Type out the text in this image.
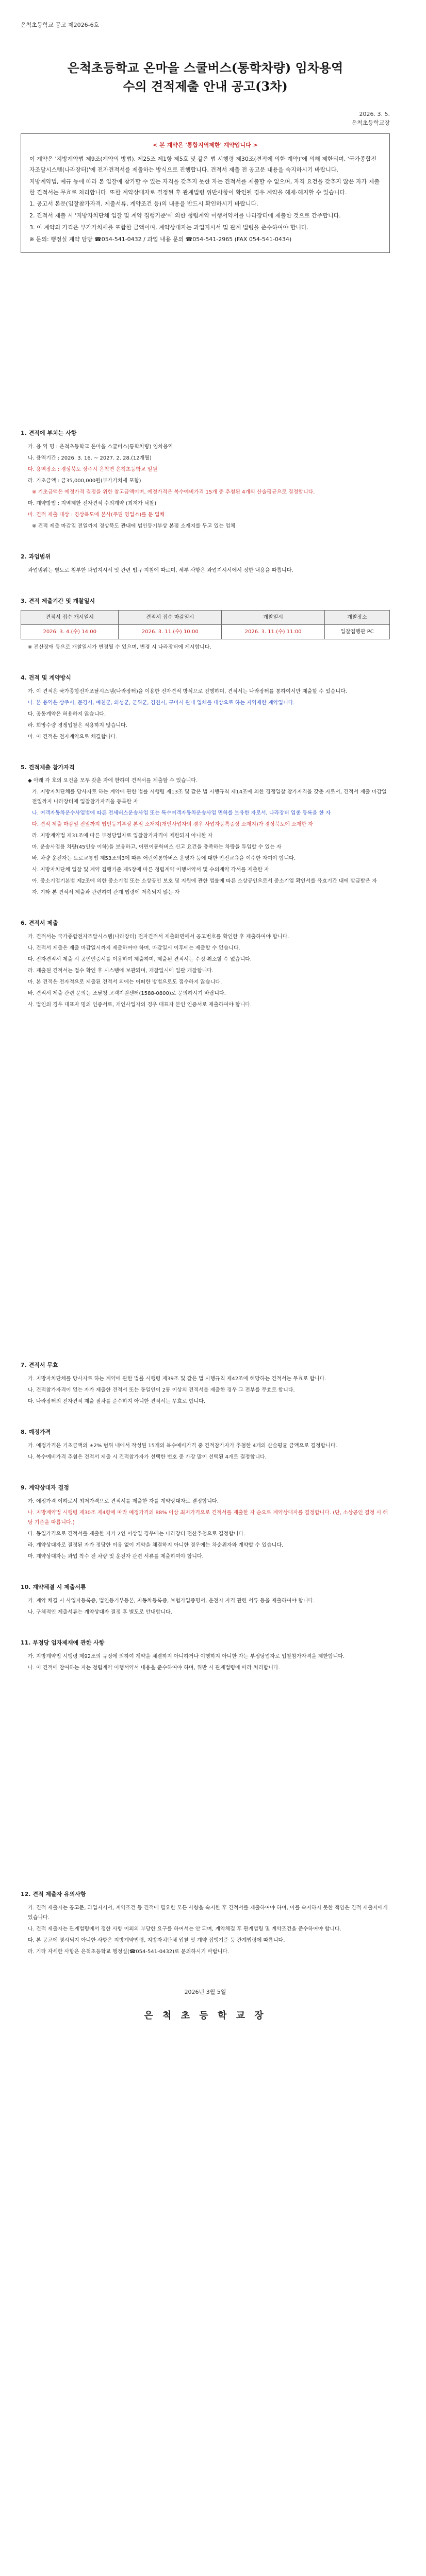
은척초등학교 공고 제2026-6호
은척초등학교 온마을 스쿨버스(통학차량) 임차용역
수의 견적제출 안내 공고(3차)
2026. 3. 5.
은척초등학교장
< 본 계약은 '통합지역제한' 계약입니다 >

이 계약은 '지방계약법 제9조(계약의 방법), 제25조 제1항 제5호 및 같은 법 시행령 제30조(견적에 의한 계약)'에 의해 제한되며, '국가종합전자조달시스템(나라장터)'에 전자견적서를 제출하는 방식으로 진행합니다. 견적서 제출 전 공고문 내용을 숙지하시기 바랍니다.

지방계약법, 예규 등에 따라 본 입찰에 참가할 수 있는 자격을 갖추지 못한 자는 견적서를 제출할 수 없으며, 자격 요건을 갖추지 않은 자가 제출한 견적서는 무효로 처리합니다. 또한 계약상대자로 결정된 후 관계법령 위반사항이 확인될 경우 계약을 해제·해지할 수 있습니다.

1. 공고서 본문(입찰참가자격, 제출서류, 계약조건 등)의 내용을 반드시 확인하시기 바랍니다.

2. 견적서 제출 시 '지방자치단체 입찰 및 계약 집행기준'에 의한 청렴계약 이행서약서를 나라장터에 제출한 것으로 간주합니다.

3. 이 계약의 가격은 부가가치세를 포함한 금액이며, 계약상대자는 과업지시서 및 관계 법령을 준수하여야 합니다.

※ 문의: 행정실 계약 담당 ☎054-541-0432 / 과업 내용 문의 ☎054-541-2965 (FAX 054-541-0434)

1. 견적에 부치는 사항

가. 용 역 명 : 은척초등학교 온마을 스쿨버스(통학차량) 임차용역

나. 용역기간 : 2026. 3. 16. ~ 2027. 2. 28.(12개월)

다. 용역장소 : 경상북도 상주시 은척면 은척초등학교 일원

라. 기초금액 : 금35,000,000원(부가가치세 포함)

※ 기초금액은 예정가격 결정을 위한 참고금액이며, 예정가격은 복수예비가격 15개 중 추첨된 4개의 산술평균으로 결정합니다.

마. 계약방법 : 지역제한 전자견적 수의계약 (최저가 낙찰)

바. 견적 제출 대상 : 경상북도에 본사(주된 영업소)를 둔 업체

※ 견적 제출 마감일 전일까지 경상북도 관내에 법인등기부상 본점 소재지를 두고 있는 업체

2. 과업범위

과업범위는 별도로 첨부한 과업지시서 및 관련 법규·지침에 따르며, 세부 사항은 과업지시서에서 정한 내용을 따릅니다.

3. 견적 제출기간 및 개찰일시
견적서 접수 개시일시	견적서 접수 마감일시	개찰일시	개찰장소
2026. 3. 4.(수) 14:00	2026. 3. 11.(수) 10:00	2026. 3. 11.(수) 11:00	입찰집행관 PC

※ 전산장애 등으로 개찰일시가 변경될 수 있으며, 변경 시 나라장터에 게시합니다.

4. 견적 및 계약방식

가. 이 견적은 국가종합전자조달시스템(나라장터)을 이용한 전자견적 방식으로 진행하며, 견적서는 나라장터를 통하여서만 제출할 수 있습니다.

나. 본 용역은 상주시, 문경시, 예천군, 의성군, 군위군, 김천시, 구미시 관내 업체를 대상으로 하는 지역제한 계약입니다.

다. 공동계약은 허용하지 않습니다.

라. 희망수량 경쟁입찰은 적용하지 않습니다.

마. 이 견적은 전자계약으로 체결합니다.

5. 견적제출 참가자격

◆ 아래 각 호의 요건을 모두 갖춘 자에 한하여 견적서를 제출할 수 있습니다.

가. 지방자치단체를 당사자로 하는 계약에 관한 법률 시행령 제13조 및 같은 법 시행규칙 제14조에 의한 경쟁입찰 참가자격을 갖춘 자로서, 견적서 제출 마감일 전일까지 나라장터에 입찰참가자격을 등록한 자

나. 여객자동차운수사업법에 따른 전세버스운송사업 또는 특수여객자동차운송사업 면허를 보유한 자로서, 나라장터 업종 등록을 한 자

다. 견적 제출 마감일 전일까지 법인등기부상 본점 소재지(개인사업자의 경우 사업자등록증상 소재지)가 경상북도에 소재한 자

라. 지방계약법 제31조에 따른 부정당업자로 입찰참가자격이 제한되지 아니한 자

마. 운송사업용 차량(45인승 이하)을 보유하고, 어린이통학버스 신고 요건을 충족하는 차량을 투입할 수 있는 자

바. 차량 운전자는 도로교통법 제53조의3에 따른 어린이통학버스 운영자 등에 대한 안전교육을 이수한 자여야 합니다.

사. 지방자치단체 입찰 및 계약 집행기준 제5장에 따른 청렴계약 이행서약서 및 수의계약 각서를 제출한 자

아. 중소기업기본법 제2조에 의한 중소기업 또는 소상공인 보호 및 지원에 관한 법률에 따른 소상공인으로서 중소기업 확인서를 유효기간 내에 발급받은 자

자. 기타 본 견적서 제출과 관련하여 관계 법령에 저촉되지 않는 자

6. 견적서 제출

가. 견적서는 국가종합전자조달시스템(나라장터) 전자견적서 제출화면에서 공고번호를 확인한 후 제출하여야 합니다.

나. 견적서 제출은 제출 마감일시까지 제출하여야 하며, 마감일시 이후에는 제출할 수 없습니다.

다. 전자견적서 제출 시 공인인증서를 이용하여 제출하며, 제출된 견적서는 수정·취소할 수 없습니다.

라. 제출된 견적서는 접수 확인 후 시스템에 보관되며, 개찰일시에 일괄 개찰합니다.

마. 본 견적은 전자적으로 제출된 견적서 외에는 어떠한 방법으로도 접수하지 않습니다.

바. 견적서 제출 관련 문의는 조달청 고객지원센터(1588-0800)로 문의하시기 바랍니다.

사. 법인의 경우 대표자 명의 인증서로, 개인사업자의 경우 대표자 본인 인증서로 제출하여야 합니다.

7. 견적서 무효

가. 지방자치단체를 당사자로 하는 계약에 관한 법률 시행령 제39조 및 같은 법 시행규칙 제42조에 해당하는 견적서는 무효로 합니다.

나. 견적참가자격이 없는 자가 제출한 견적서 또는 동일인이 2통 이상의 견적서를 제출한 경우 그 전부를 무효로 합니다.

다. 나라장터의 전자견적 제출 절차를 준수하지 아니한 견적서는 무효로 합니다.

8. 예정가격

가. 예정가격은 기초금액의 ±2% 범위 내에서 작성된 15개의 복수예비가격 중 견적참가자가 추첨한 4개의 산술평균 금액으로 결정합니다.

나. 복수예비가격 추첨은 견적서 제출 시 견적참가자가 선택한 번호 중 가장 많이 선택된 4개로 결정합니다.

9. 계약상대자 결정

가. 예정가격 이하로서 최저가격으로 견적서를 제출한 자를 계약상대자로 결정합니다.

나. 지방계약법 시행령 제30조 제4항에 따라 예정가격의 88% 이상 최저가격으로 견적서를 제출한 자 순으로 계약상대자를 결정합니다. (단, 소상공인 결정 시 해당 기준을 따릅니다.)

다. 동일가격으로 견적서를 제출한 자가 2인 이상일 경우에는 나라장터 전산추첨으로 결정합니다.

라. 계약상대자로 결정된 자가 정당한 이유 없이 계약을 체결하지 아니한 경우에는 차순위자와 계약할 수 있습니다.

마. 계약상대자는 과업 착수 전 차량 및 운전자 관련 서류를 제출하여야 합니다.

10. 계약체결 시 제출서류

가. 계약 체결 시 사업자등록증, 법인등기부등본, 자동차등록증, 보험가입증명서, 운전자 자격 관련 서류 등을 제출하여야 합니다.

나. 구체적인 제출서류는 계약상대자 결정 후 별도로 안내합니다.

11. 부정당 업자제재에 관한 사항

가. 지방계약법 시행령 제92조의 규정에 의하여 계약을 체결하지 아니하거나 이행하지 아니한 자는 부정당업자로 입찰참가자격을 제한합니다.

나. 이 견적에 참여하는 자는 청렴계약 이행서약서 내용을 준수하여야 하며, 위반 시 관계법령에 따라 처리합니다.

12. 견적 제출자 유의사항

가. 견적 제출자는 공고문, 과업지시서, 계약조건 등 견적에 필요한 모든 사항을 숙지한 후 견적서를 제출하여야 하며, 이를 숙지하지 못한 책임은 견적 제출자에게 있습니다.

나. 견적 제출자는 관계법령에서 정한 사항 이외의 부당한 요구를 하여서는 안 되며, 계약체결 후 관계법령 및 계약조건을 준수하여야 합니다.

다. 본 공고에 명시되지 아니한 사항은 지방계약법령, 지방자치단체 입찰 및 계약 집행기준 등 관계법령에 따릅니다.

라. 기타 자세한 사항은 은척초등학교 행정실(☎054-541-0432)로 문의하시기 바랍니다.

2026년 3월 5일
은 척 초 등 학 교 장
